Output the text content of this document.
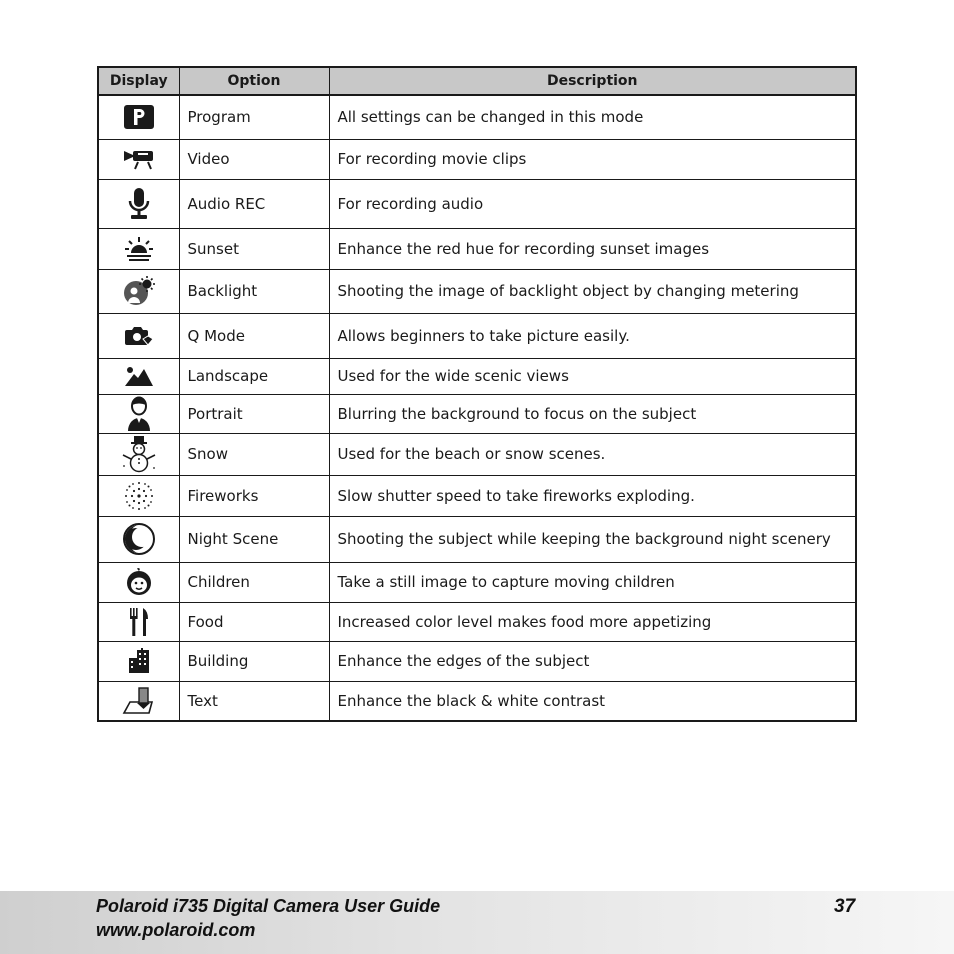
Display	Option	Description

	Program	All settings can be changed in this mode

	Video	For recording movie clips

	Audio REC	For recording audio

	Sunset	Enhance the red hue for recording sunset images

	Backlight	Shooting the image of backlight object by changing metering

	Q Mode	Allows beginners to take picture easily.

	Landscape	Used for the wide scenic views

	Portrait	Blurring the background to focus on the subject

	Snow	Used for the beach or snow scenes.

	Fireworks	Slow shutter speed to take fireworks exploding.

	Night Scene	Shooting the subject while keeping the background night scenery

	Children	Take a still image to capture moving children

	Food	Increased color level makes food more appetizing

	Building	Enhance the edges of the subject

	Text	Enhance the black & white contrast
Polaroid i735 Digital Camera User Guide
www.polaroid.com
37
